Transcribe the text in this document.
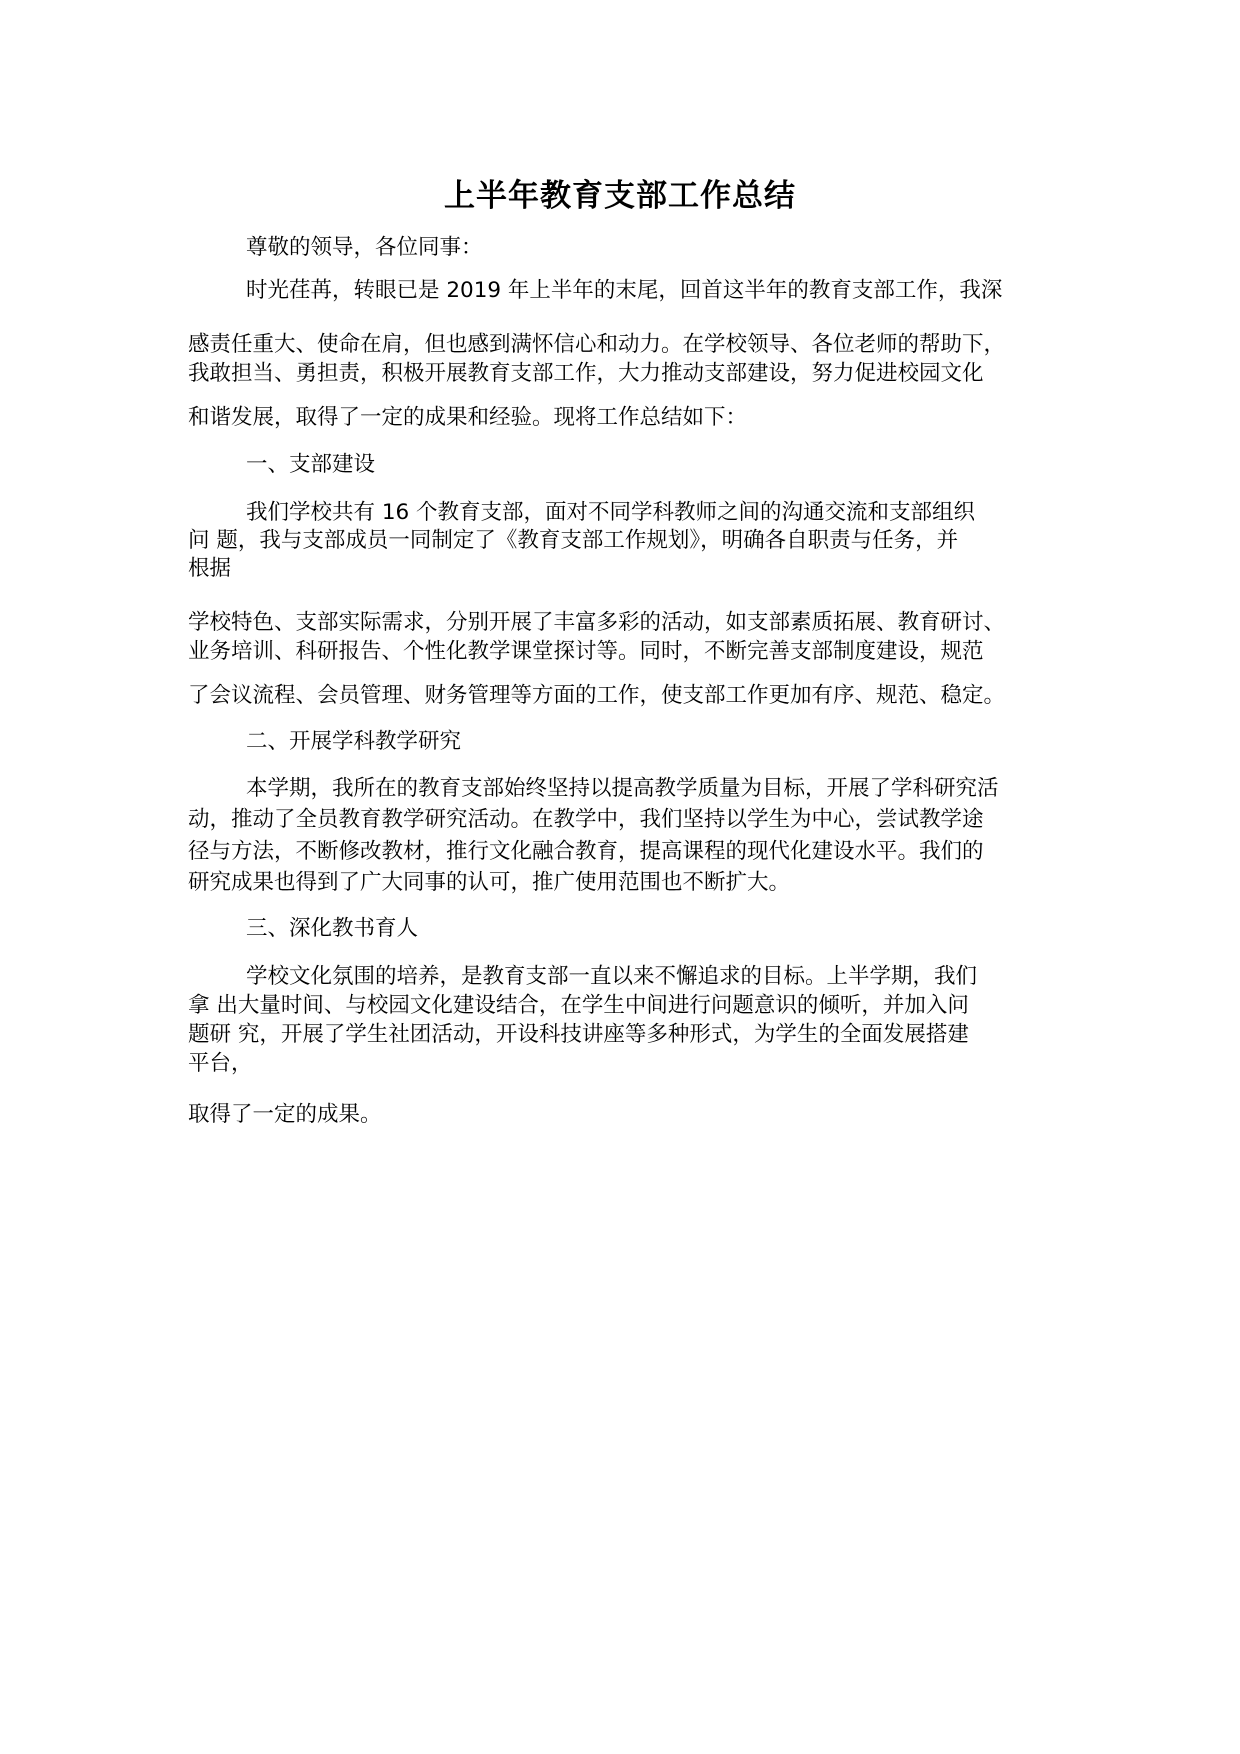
上半年教育支部工作总结
尊敬的领导，各位同事：
时光荏苒，转眼已是 2019 年上半年的末尾，回首这半年的教育支部工作，我深
感责任重大、使命在肩，但也感到满怀信心和动力。在学校领导、各位老师的帮助下，
我敢担当、勇担责，积极开展教育支部工作，大力推动支部建设，努力促进校园文化
和谐发展，取得了一定的成果和经验。现将工作总结如下：
一、支部建设
我们学校共有 16 个教育支部，面对不同学科教师之间的沟通交流和支部组织
问 题，我与支部成员一同制定了《教育支部工作规划》，明确各自职责与任务，并
根据
学校特色、支部实际需求，分别开展了丰富多彩的活动，如支部素质拓展、教育研讨、
业务培训、科研报告、个性化教学课堂探讨等。同时，不断完善支部制度建设，规范
了会议流程、会员管理、财务管理等方面的工作，使支部工作更加有序、规范、稳定。
二、开展学科教学研究
本学期，我所在的教育支部始终坚持以提高教学质量为目标，开展了学科研究活
动，推动了全员教育教学研究活动。在教学中，我们坚持以学生为中心，尝试教学途
径与方法，不断修改教材，推行文化融合教育，提高课程的现代化建设水平。我们的
研究成果也得到了广大同事的认可，推广使用范围也不断扩大。
三、深化教书育人
学校文化氛围的培养，是教育支部一直以来不懈追求的目标。上半学期，我们
拿 出大量时间、与校园文化建设结合，在学生中间进行问题意识的倾听，并加入问
题研 究，开展了学生社团活动，开设科技讲座等多种形式，为学生的全面发展搭建
平台，
取得了一定的成果。
